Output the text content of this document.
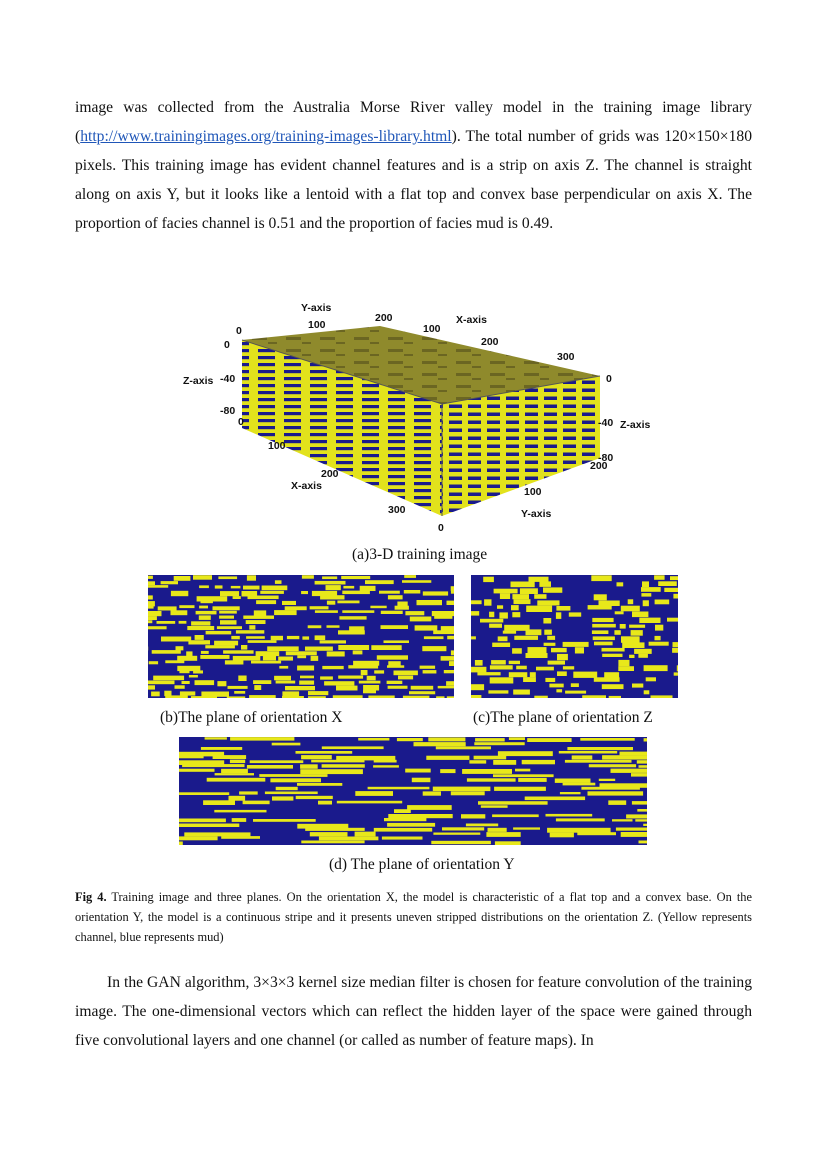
image was collected from the Australia Morse River valley model in the training image library (http://www.trainingimages.org/training-images-library.html). The total number of grids was 120×150×180 pixels. This training image has evident channel features and is a strip on axis Z. The channel is straight along on axis Y, but it looks like a lentoid with a flat top and convex base perpendicular on axis X. The proportion of facies channel is 0.51 and the proportion of facies mud is 0.49.
Y-axis
100
200
0
0
100
X-axis
200
300
Z-axis -40
-80
0
0
-40 Z-axis
-80
200
100
200
X-axis
300
100
Y-axis
0
(a)3-D training image
(b)The plane of orientation X	(c)The plane of orientation Z
(d) The plane of orientation Y
Fig 4. Training image and three planes. On the orientation X, the model is characteristic of a flat top and a convex base. On the orientation Y, the model is a continuous stripe and it presents uneven stripped distributions on the orientation Z. (Yellow represents channel, blue represents mud)
In the GAN algorithm, 3×3×3 kernel size median filter is chosen for feature convolution of the training image. The one-dimensional vectors which can reflect the hidden layer of the space were gained through five convolutional layers and one channel (or called as number of feature maps). In
